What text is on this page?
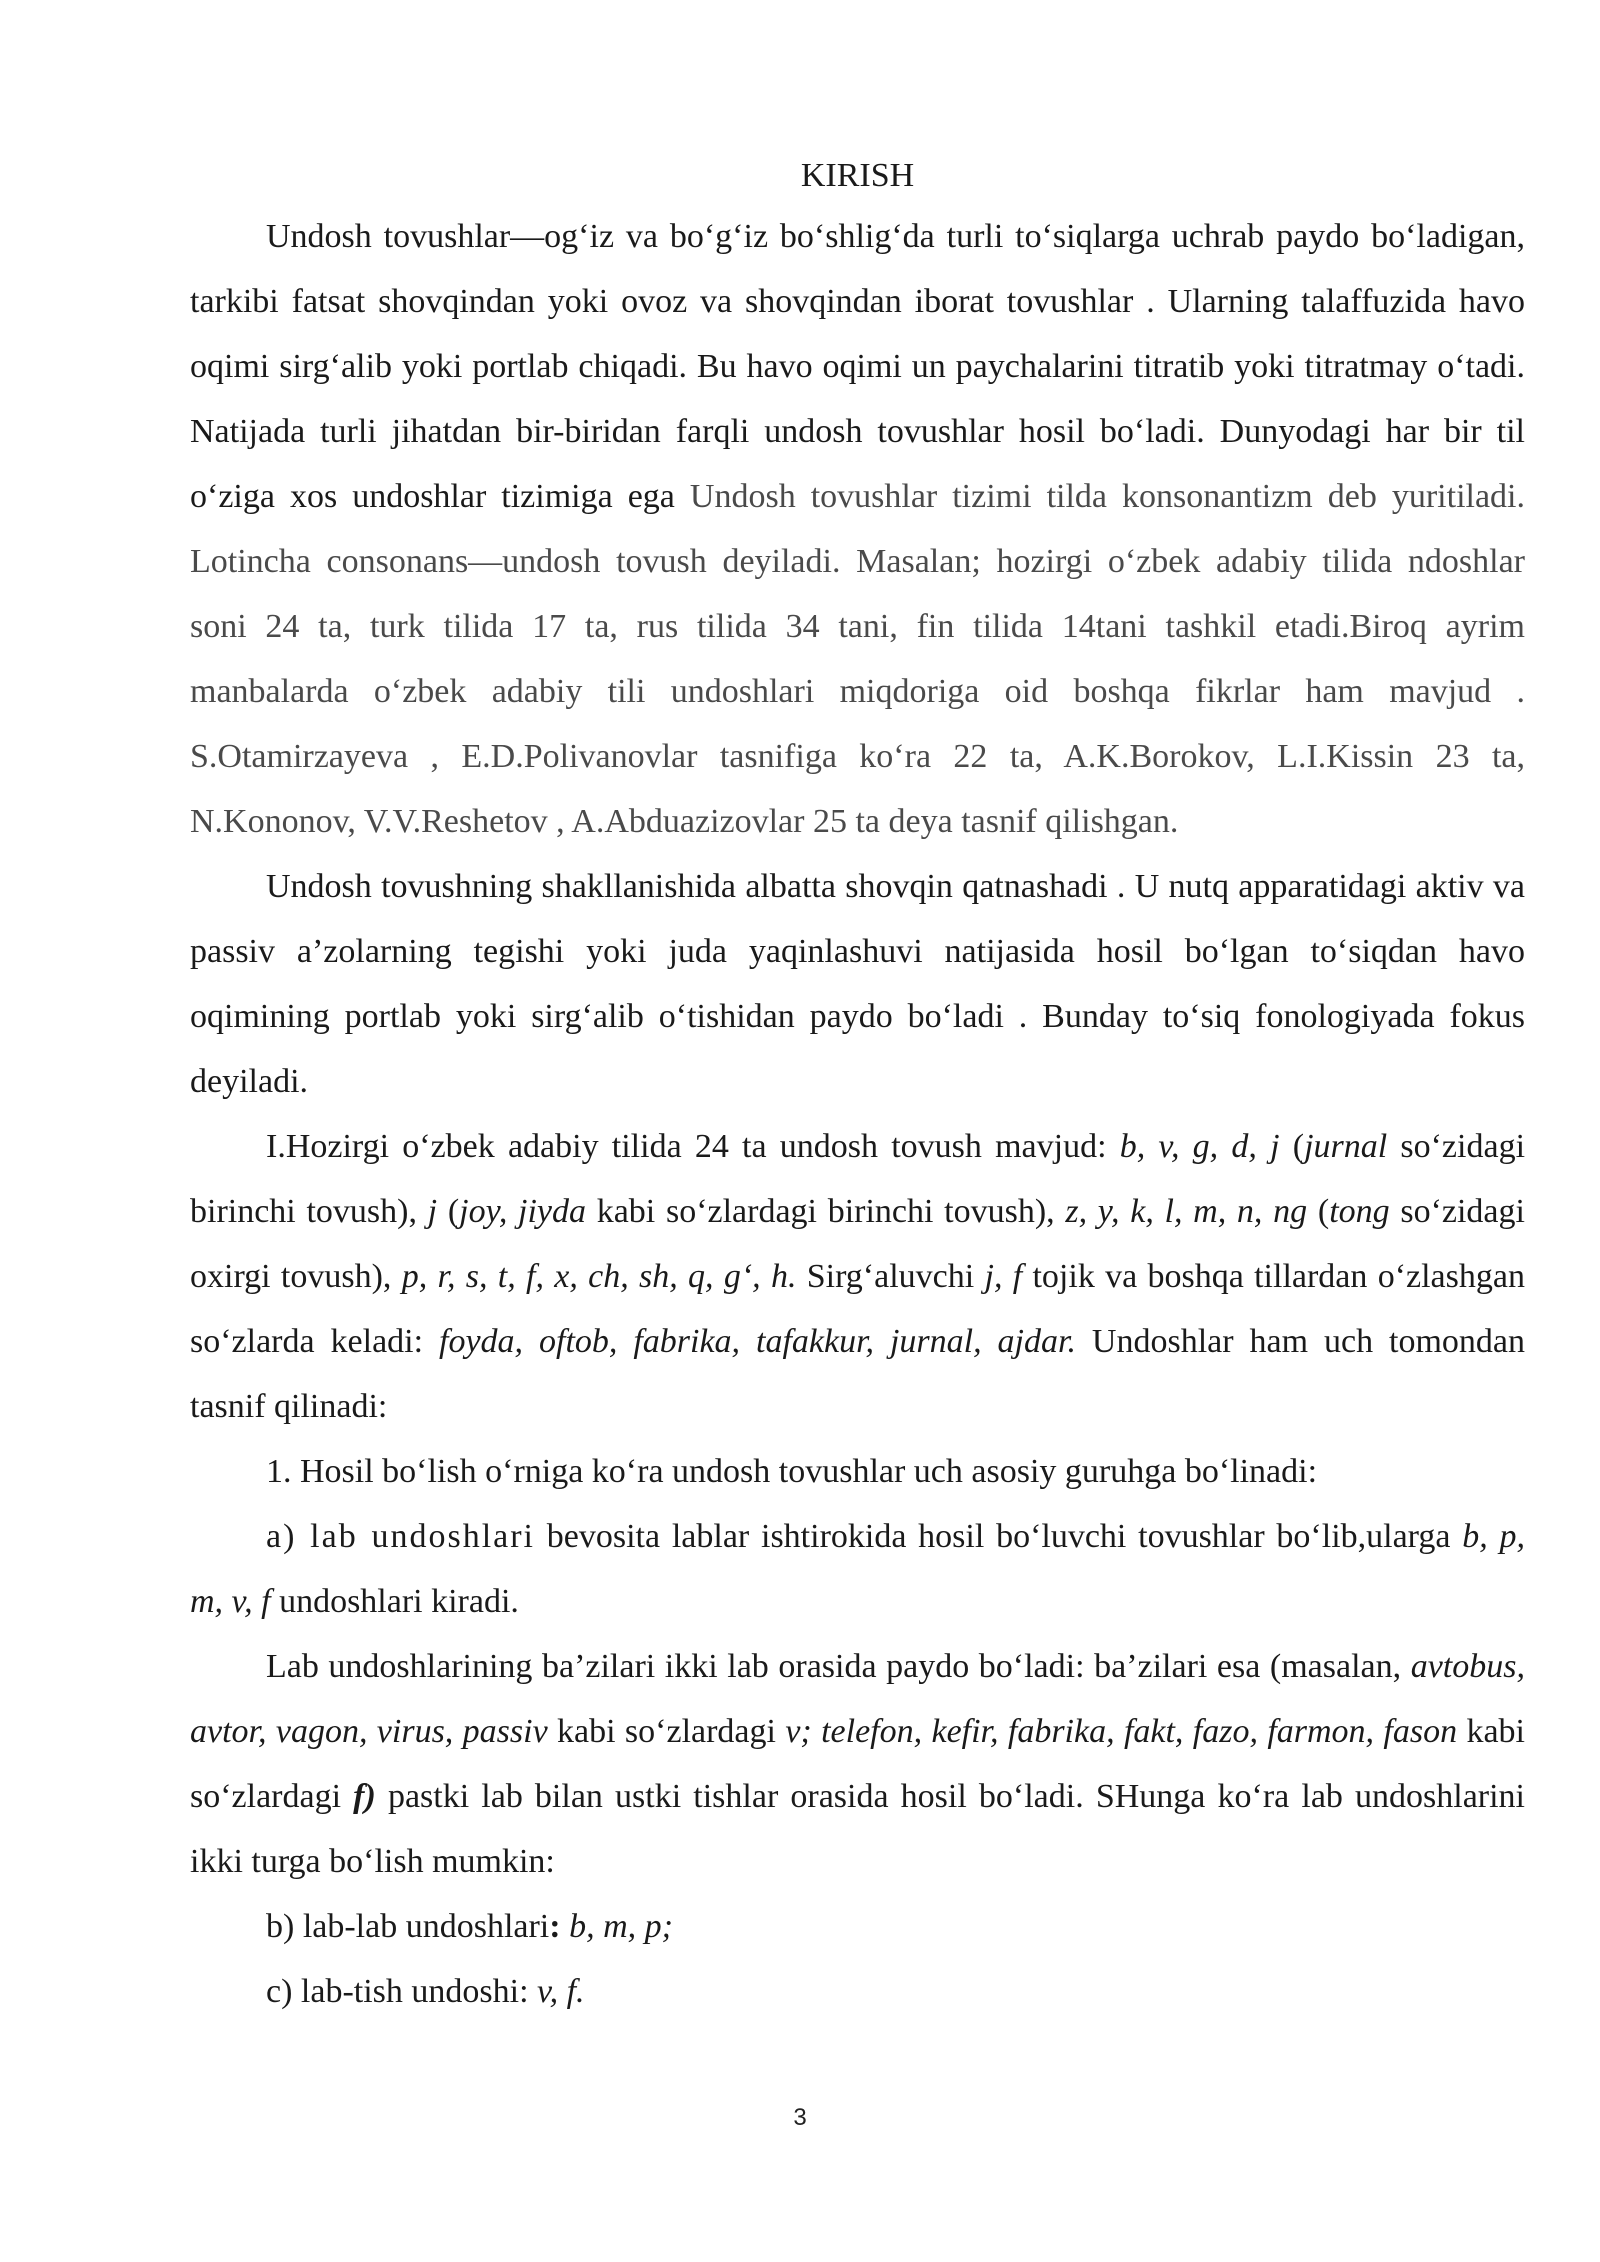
KIRISH

Undosh tovushlar—og‘iz va bo‘g‘iz bo‘shlig‘da turli to‘siqlarga uchrab paydo bo‘ladigan, tarkibi fatsat shovqindan yoki ovoz va shovqindan iborat tovushlar . Ularning talaffuzida havo oqimi sirg‘alib yoki portlab chiqadi. Bu havo oqimi un paychalarini titratib yoki titratmay o‘tadi. Natijada turli jihatdan bir-biridan farqli undosh tovushlar hosil bo‘ladi. Dunyodagi har bir til o‘ziga xos undoshlar tizimiga ega Undosh tovushlar tizimi tilda konsonantizm deb yuritiladi. Lotincha consonans—undosh tovush deyiladi. Masalan; hozirgi o‘zbek adabiy tilida ndoshlar soni 24 ta, turk tilida 17 ta, rus tilida 34 tani, fin tilida 14tani tashkil etadi.Biroq ayrim manbalarda o‘zbek adabiy tili undoshlari miqdoriga oid boshqa fikrlar ham mavjud . S.Otamirzayeva , E.D.Polivanovlar tasnifiga ko‘ra 22 ta, A.K.Borokov, L.I.Kissin 23 ta, N.Kononov, V.V.Reshetov , A.Abduazizovlar 25 ta deya tasnif qilishgan.

Undosh tovushning shakllanishida albatta shovqin qatnashadi . U nutq apparatidagi aktiv va passiv a’zolarning tegishi yoki juda yaqinlashuvi natijasida hosil bo‘lgan to‘siqdan havo oqimining portlab yoki sirg‘alib o‘tishidan paydo bo‘ladi . Bunday to‘siq fonologiyada fokus deyiladi.

I.Hozirgi o‘zbek adabiy tilida 24 ta undosh tovush mavjud: b, v, g, d, j (jurnal so‘zidagi birinchi tovush), j (joy, jiyda kabi so‘zlardagi birinchi tovush), z, y, k, l, m, n, ng (tong so‘zidagi oxirgi tovush), p, r, s, t, f, x, ch, sh, q, g‘, h. Sirg‘aluvchi j, f tojik va boshqa tillardan o‘zlashgan so‘zlarda keladi: foyda, oftob, fabrika, tafakkur, jurnal, ajdar. Undoshlar ham uch tomondan tasnif qilinadi:

1. Hosil bo‘lish o‘rniga ko‘ra undosh tovushlar uch asosiy guruhga bo‘linadi:

a) lab undoshlari bevosita lablar ishtirokida hosil bo‘luvchi tovushlar bo‘lib,ularga b, p, m, v, f undoshlari kiradi.

Lab undoshlarining ba’zilari ikki lab orasida paydo bo‘ladi: ba’zilari esa (masalan, avtobus, avtor, vagon, virus, passiv kabi so‘zlardagi v; telefon, kefir, fabrika, fakt, fazo, farmon, fason kabi so‘zlardagi f) pastki lab bilan ustki tishlar orasida hosil bo‘ladi. SHunga ko‘ra lab undoshlarini ikki turga bo‘lish mumkin:

b) lab-lab undoshlari: b, m, p;

c) lab-tish undoshi: v, f.

3
